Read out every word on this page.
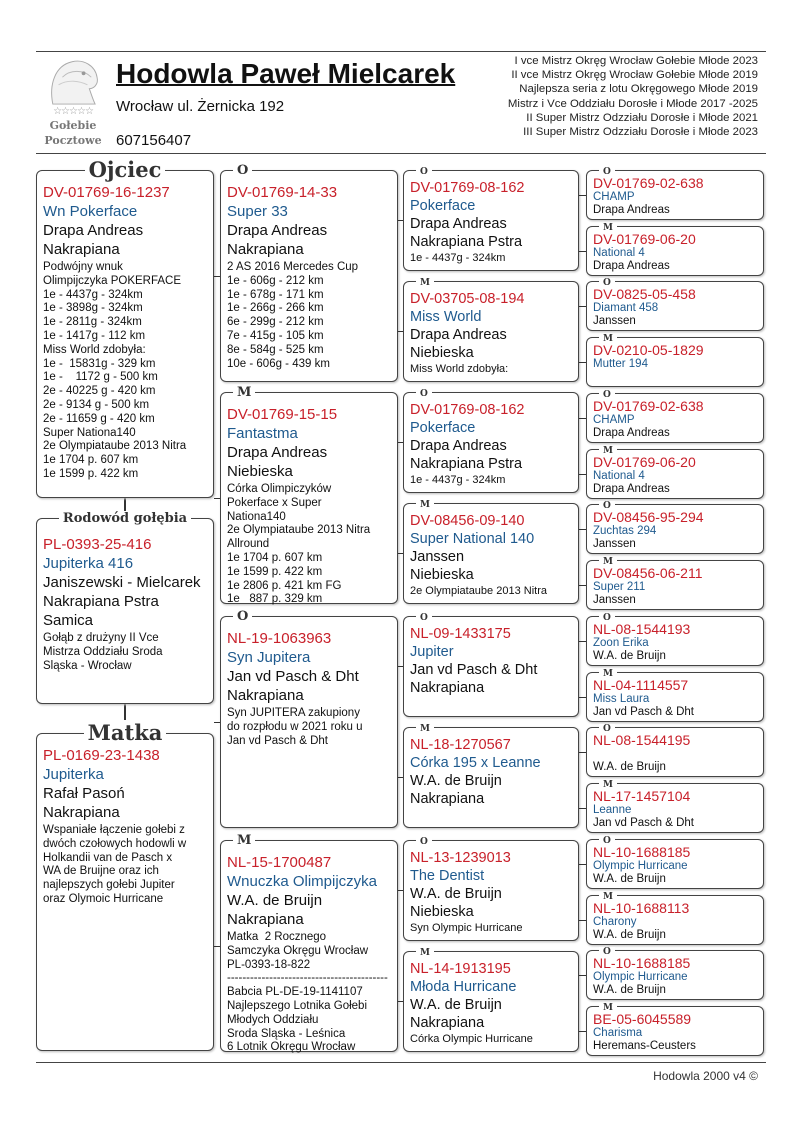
☆☆☆☆☆
Gołebie
Pocztowe
Hodowla Paweł Mielcarek
Wrocław ul. Żernicka 192
607156407
I vce Mistrz Okręg Wrocław Gołebie Młode 2023
II vce Mistrz Okręg Wrocław Gołebie Młode 2019
Najlepsza seria z lotu Okręgowego Młode 2019
Mistrz i Vce Oddziału Dorosłe i Młode 2017 -2025
II Super Mistrz Odzziału Dorosłe i Młode 2021
III Super Mistrz Odzziału Dorosłe i Młode 2023
Ojciec
DV-01769-16-1237
Wn Pokerface
Drapa Andreas
Nakrapiana
Podwójny wnuk
Olimpijczyka POKERFACE
1e - 4437g - 324km
1e - 3898g - 324km
1e - 2811g - 324km
1e - 1417g - 112 km
Miss World zdobyła:
1e -  15831g - 329 km
1e -    1172 g - 500 km
2e - 40225 g - 420 km
2e - 9134 g - 500 km
2e - 11659 g - 420 km
Super Nationa140
2e Olympiataube 2013 Nitra
1e 1704 p. 607 km
1e 1599 p. 422 km
Rodowód gołębia
PL-0393-25-416
Jupiterka 416
Janiszewski - Mielcarek
Nakrapiana Pstra
Samica
Gołąb z drużyny II Vce
Mistrza Oddziału Środa
Śląska - Wrocław
Matka
PL-0169-23-1438
Jupiterka
Rafał Pasoń
Nakrapiana
Wspaniałe łączenie gołebi z
dwóch czołowych hodowli w
Holkandii van de Pasch x
WA de Bruijne oraz ich
najlepszych gołebi Jupiter
oraz Olymoic Hurricane
O
DV-01769-14-33
Super 33
Drapa Andreas
Nakrapiana
2 AS 2016 Mercedes Cup
1e - 606g - 212 km
1e - 678g - 171 km
1e - 266g - 266 km
6e - 299g - 212 km
7e - 415g - 105 km
8e - 584g - 525 km
10e - 606g - 439 km
M
DV-01769-15-15
Fantastma
Drapa Andreas
Niebieska
Córka Olimpiczyków
Pokerface x Super
Nationa140
2e Olympiataube 2013 Nitra
Allround
1e 1704 p. 607 km
1e 1599 p. 422 km
1e 2806 p. 421 km FG
1e   887 p. 329 km
O
NL-19-1063963
Syn Jupitera
Jan vd Pasch & Dht
Nakrapiana
Syn JUPITERA zakupiony
do rozpłodu w 2021 roku u
Jan vd Pasch & Dht
M
NL-15-1700487
Wnuczka Olimpijczyka
W.A. de Bruijn
Nakrapiana
Matka  2 Rocznego
Samczyka Okręgu Wrocław
PL-0393-18-822
------------------------------------------
Babcia PL-DE-19-1141107
Najlepszego Lotnika Gołebi
Młodych Oddziału
Środa Śląska - Leśnica
6 Lotnik Okręgu Wrocław
O
DV-01769-08-162
Pokerface
Drapa Andreas
Nakrapiana Pstra
1e - 4437g - 324km
M
DV-03705-08-194
Miss World
Drapa Andreas
Niebieska
Miss World zdobyła:
O
DV-01769-08-162
Pokerface
Drapa Andreas
Nakrapiana Pstra
1e - 4437g - 324km
M
DV-08456-09-140
Super National 140
Janssen
Niebieska
2e Olympiataube 2013 Nitra
O
NL-09-1433175
Jupiter
Jan vd Pasch & Dht
Nakrapiana
M
NL-18-1270567
Córka 195 x Leanne
W.A. de Bruijn
Nakrapiana
O
NL-13-1239013
The Dentist
W.A. de Bruijn
Niebieska
Syn Olympic Hurricane
M
NL-14-1913195
Młoda Hurricane
W.A. de Bruijn
Nakrapiana
Córka Olympic Hurricane
O
DV-01769-02-638
CHAMP
Drapa Andreas
M
DV-01769-06-20
National 4
Drapa Andreas
O
DV-0825-05-458
Diamant 458
Janssen
M
DV-0210-05-1829
Mutter 194

O
DV-01769-02-638
CHAMP
Drapa Andreas
M
DV-01769-06-20
National 4
Drapa Andreas
O
DV-08456-95-294
Zuchtas 294
Janssen
M
DV-08456-06-211
Super 211
Janssen
O
NL-08-1544193
Zoon Erika
W.A. de Bruijn
M
NL-04-1114557
Miss Laura
Jan vd Pasch & Dht
O
NL-08-1544195

W.A. de Bruijn
M
NL-17-1457104
Leanne
Jan vd Pasch & Dht
O
NL-10-1688185
Olympic Hurricane
W.A. de Bruijn
M
NL-10-1688113
Charony
W.A. de Bruijn
O
NL-10-1688185
Olympic Hurricane
W.A. de Bruijn
M
BE-05-6045589
Charisma
Heremans-Ceusters
Hodowla 2000 v4 ©
